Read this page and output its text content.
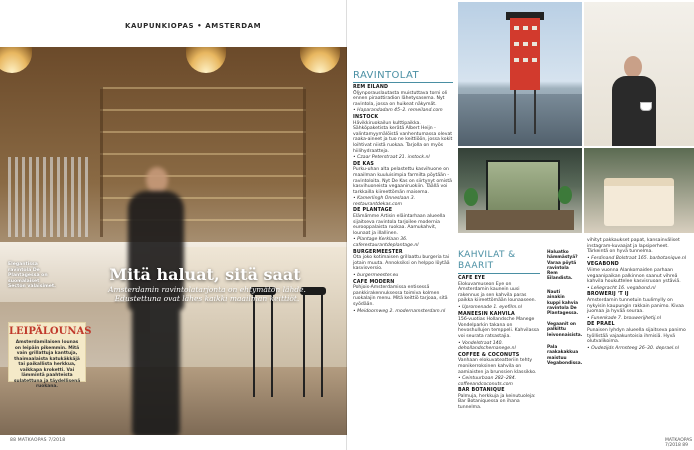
KAUPUNKIOPAS • AMSTERDAM
Mitä haluat, sitä saat
Amsterdamin ravintolatarjonta on ehtymätön lähde. Edustettuna ovat lähes kaikki maailman keittiöt.
Elegantissa ravintola De Plantagessa on suomalaiset Secton valaisimet.
LEIPÄLOUNAS
Amsterdamilaisen lounas on leipäin pikemmin. Mitä vain grillattuja kanttuja, thaimaalaista katukäkkäjä tai paikallista herkkua, vaikkapa kroketti. Vai lämmintä paahteista sulatettuna ja täydellisenä ruokana.
88 MATKAOPAS 7/2018
RAVINTOLAT
REM EILAND

Öljynporauslautasta muistuttava torni oli ennen piraattiradion lähetysasema. Nyt ravintola, jossa on huikeat näkymät.

• Haparandadam 45–2. remeiland.com

INSTOCK

Hävikkiruokailun kulttipaikka. Sähköpaketista kerätä Albert Heijn -valintamyymälöistä vanhentumassa olevat raaka-aineet ja tuo ne keittiöön, jossa kokit loihtivat niistä ruokaa. Tarjolla on myös hiilihydraatteja.

• Czaar Peterstraat 21. instock.nl

DE KAS

Purku-uhan alta pelastettu kasvihuone on maailman kuuluisimpia farmilta pöytään -ravintoloita. Nyt De Kas on siirtynyt omistä kasvihuoneista vegaaniruokiin. Täällä voi tarkkailla kiireettömän maisema.

• Kamerlingh Onneslaan 3. restaurantdekas.com

DE PLANTAGE

Elämämme Artisin eläintarhaan alueella sijaitseva ravintola tarjoilee modernia eurooppalaista ruokaa. Aamukahvit, lounaat ja illallinen.

• Plantage Kerklaan 36. caferestaurantdeplantage.nl

BURGERMEESTER

Ota joko kotimaisen grillaattu burgeria tai jotain muuta. Annoksiksi on helppo löytää kasvisversio.

• burgermeester.eu

CAFE MODERN

Pohjois-Amsterdamissa entisessä pankkirakennuksessa toimiva kolmen ruokalajin menu. Mitä keittiö tarjoaa, sitä syödään.

• Meidoornweg 2. modernamsterdam.nl

KAHVILAT & BAARIT
CAFE EYE

Elokuvamuseon Eye on Amsterdamin kaunein uusi rakennus ja sen kahvila paras paikka kiireettömään lounaaseen.

• Upromenade 1. eyefilm.nl

MANEESIN KAHVILA

156-vuotias Hollandsche Manege Vondelparkin takana on hevoshullujen temppeli. Kahvilassa voi seurata ratsastajia.

• Vondelstraat 140. dehollandschemanege.nl

COFFEE & COCONUTS

Vanhaan elokuvateatteriin tehty monikerroksinen kahvila on aamiaisten ja brunssien klassikko.

• Ceintuurbaan 282–284. coffeeandcoconuts.com

BAR BOTANIQUE

Palmuja, herkkuja ja keinutuoleja: Bar Botaniquessa on ihana tunnelma.

Haluatko hämmästyä? Varaa pöytä ravintola Rem Eilandista.
Nauti ainakin kuppi kahvia ravintola De Plantagessa.
Vegaanit on palkittu leivonnaisista.
Pala raakakakkua maistuu Vegabondissa.

vihityt pakkaukset papat, kansainväliset instagram-kuvaajat ja lapsiperheet. Tärkeintä on hyvä tunnelma.

• Ferdinand Bolstraat 165. barbotanique.nl

VEGABOND

Viime vuonna Alankomaiden parhaan vegaanipaikan palkinnon saanut vihreä kahvila houkuttelee kasvisruoan ystäviä.

• Leliegracht 16. vegabond.nl

BROWERIJ 'T IJ

Amsterdamin tunnetuin tuulimylly on nykyisin kaupungin rakkain panimo. Kivaa juomaa ja hyvää seuraa.

• Funenkade 7. brouwerijhetij.nl

DE PRAEL

Punaisen lyhdyn alueella sijaitseva panimo työllistää vajaakuntoisia ihmisiä. Hyvä olutvalikoima.

• Oudezijds Armsteeg 26–30. deprael.nl

MATKAOPAS 7/2018 89
